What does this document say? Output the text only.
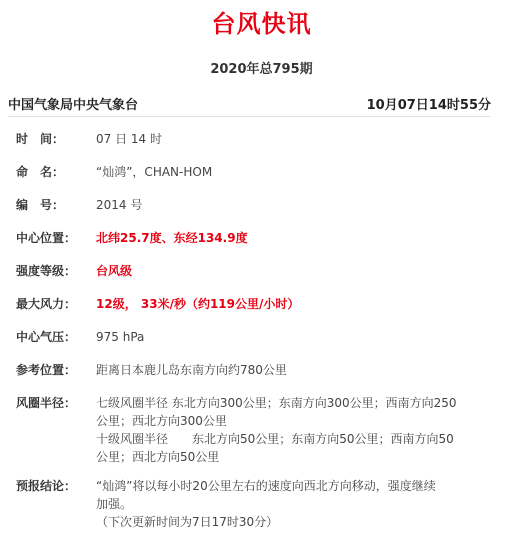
台风快讯
2020年总795期
中国气象局中央气象台	10月07日14时55分
时　间：	07 日 14 时
命　名：	“灿鸿”，CHAN-HOM
编　号：	2014 号
中心位置：	北纬25.7度、东经134.9度
强度等级：	台风级
最大风力：	12级， 33米/秒（约119公里/小时）
中心气压：	975 hPa
参考位置：	距离日本鹿儿岛东南方向约780公里
风圈半径：	七级风圈半径 东北方向300公里；东南方向300公里；西南方向250
公里；西北方向300公里
十级风圈半径　　东北方向50公里；东南方向50公里；西南方向50
公里；西北方向50公里
预报结论：	“灿鸿”将以每小时20公里左右的速度向西北方向移动，强度继续
加强。
（下次更新时间为7日17时30分）
